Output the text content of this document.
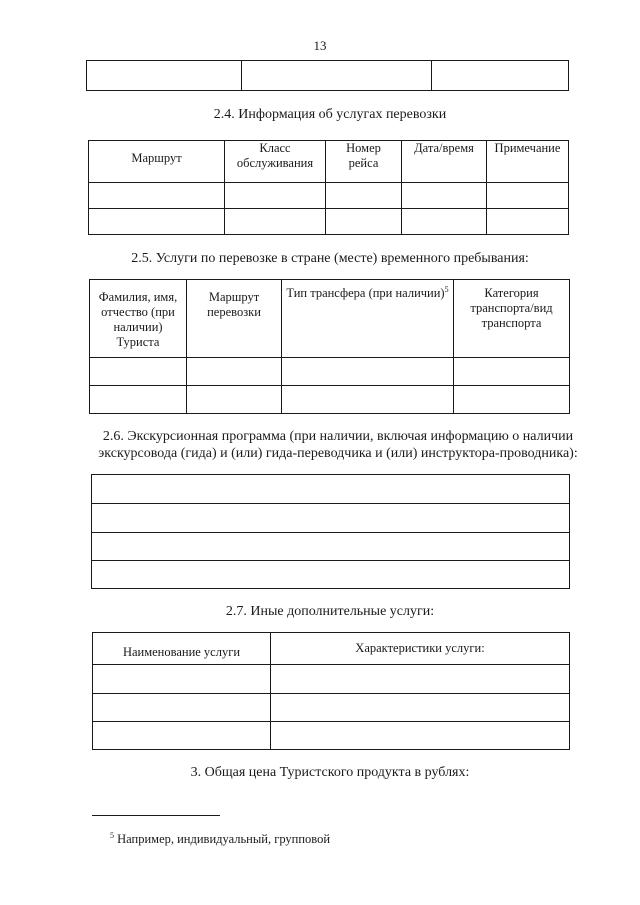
13

2.4. Информация об услугах перевозки
Маршрут	Класс обслуживания	Номер рейса	Дата/время	Примечание

2.5. Услуги по перевозке в стране (месте) временного пребывания:
Фамилия, имя, отчество (при наличии) Туриста	Маршрут перевозки	Тип трансфера (при наличии)$^5$	Категория транспорта/вид транспорта

2.6. Экскурсионная программа (при наличии, включая информацию о наличии экскурсовода (гида) и (или) гида-переводчика и (или) инструктора-проводника):

2.7. Иные дополнительные услуги:
Наименование услуги	Характеристики услуги:

3. Общая цена Туристского продукта в рублях:
$^5$ Например, индивидуальный, групповой
